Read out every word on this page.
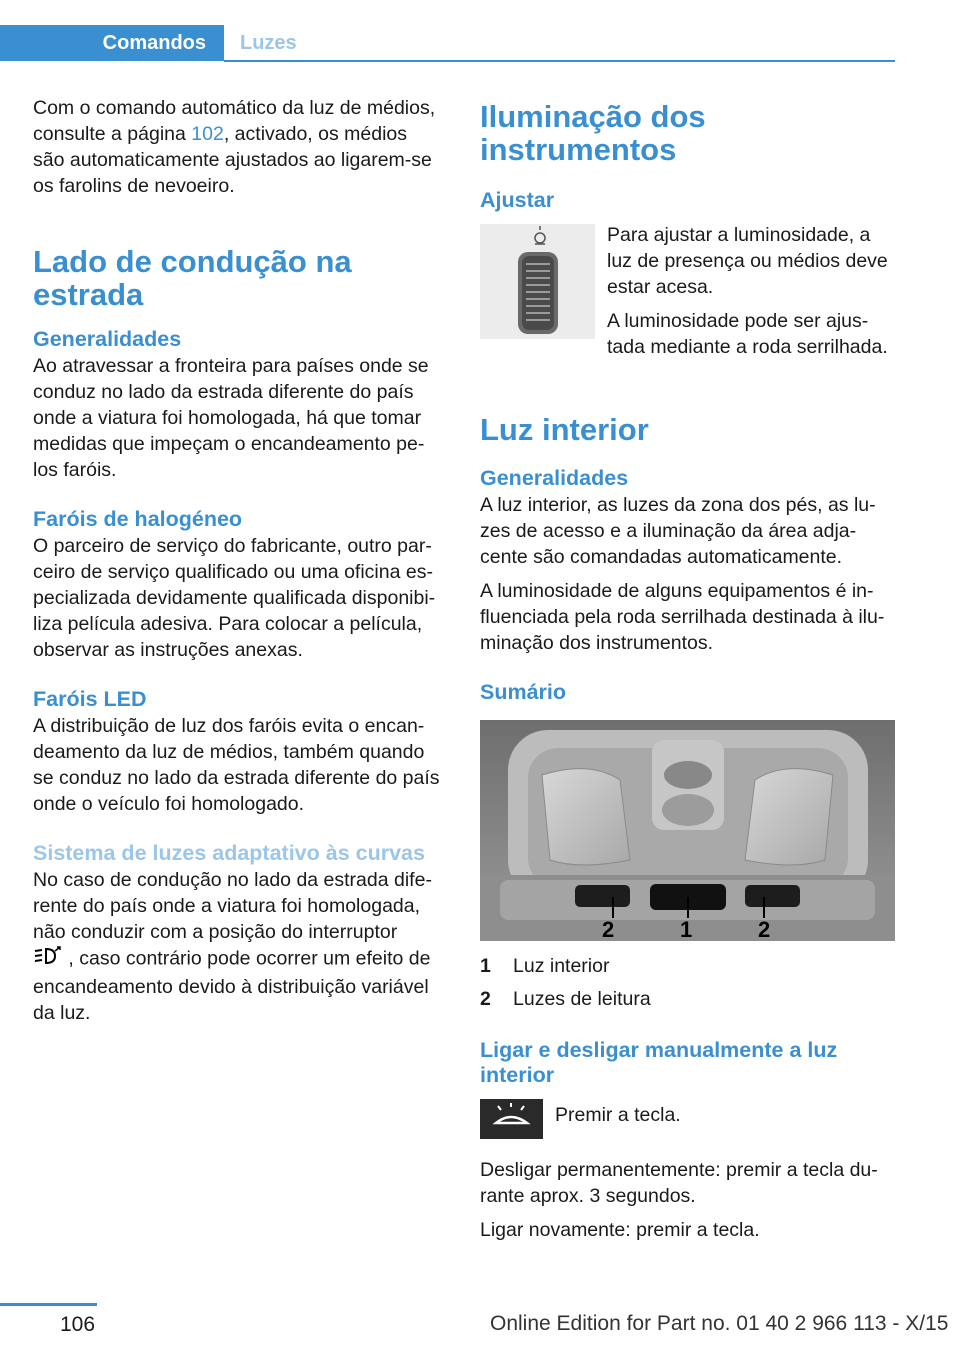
Comandos Luzes

Com o comando automático da luz de médios, consulte a página 102, activado, os médios são automaticamente ajustados ao ligarem-se os farolins de nevoeiro.

Lado de condução na estrada
Generalidades

Ao atravessar a fronteira para países onde se conduz no lado da estrada diferente do país onde a viatura foi homologada, há que tomar medidas que impeçam o encandeamento pe‐los faróis.

Faróis de halogéneo

O parceiro de serviço do fabricante, outro par‐ceiro de serviço qualificado ou uma oficina es‐pecializada devidamente qualificada disponibi‐liza película adesiva. Para colocar a película, observar as instruções anexas.

Faróis LED

A distribuição de luz dos faróis evita o encan‐deamento da luz de médios, também quando se conduz no lado da estrada diferente do país onde o veículo foi homologado.

Sistema de luzes adaptativo às curvas

No caso de condução no lado da estrada dife‐rente do país onde a viatura foi homologada, não conduzir com a posição do interruptor
, caso contrário pode ocorrer um efeito de encandeamento devido à distribuição variável da luz.

Iluminação dos instrumentos
Ajustar

Para ajustar a luminosidade, a luz de presença ou médios deve estar acesa.

A luminosidade pode ser ajus‐tada mediante a roda serrilhada.

Luz interior
Generalidades

A luz interior, as luzes da zona dos pés, as lu‐zes de acesso e a iluminação da área adja‐cente são comandadas automaticamente.

A luminosidade de alguns equipamentos é in‐fluenciada pela roda serrilhada destinada à ilu‐minação dos instrumentos.

Sumário
2	1	2
1	Luz interior
2	Luzes de leitura
Ligar e desligar manualmente a luz interior

Premir a tecla.

Desligar permanentemente: premir a tecla du‐rante aprox. 3 segundos.

Ligar novamente: premir a tecla.

106	Online Edition for Part no. 01 40 2 966 113 - X/15
